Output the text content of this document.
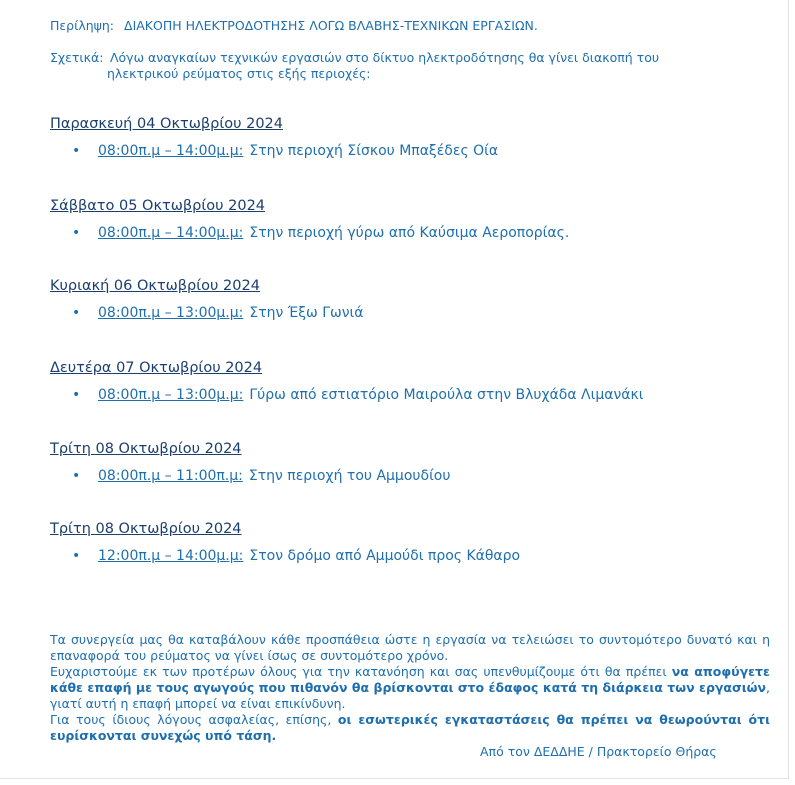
Περίληψη: ΔΙΑΚΟΠΗ ΗΛΕΚΤΡΟΔΟΤΗΣΗΣ ΛΟΓΩ ΒΛΑΒΗΣ-ΤΕΧΝΙΚΩΝ ΕΡΓΑΣΙΩΝ.
Σχετικά: Λόγω αναγκαίων τεχνικών εργασιών στο δίκτυο ηλεκτροδότησης θα γίνει διακοπή του
ηλεκτρικού ρεύματος στις εξής περιοχές:
Παρασκευή 04 Οκτωβρίου 2024
• 08:00π.μ – 14:00μ.μ: Στην περιοχή Σίσκου Μπαξέδες Οία
Σάββατο 05 Οκτωβρίου 2024
• 08:00π.μ – 14:00μ.μ: Στην περιοχή γύρω από Καύσιμα Αεροπορίας.
Κυριακή 06 Οκτωβρίου 2024
• 08:00π.μ – 13:00μ.μ: Στην Έξω Γωνιά
Δευτέρα 07 Οκτωβρίου 2024
• 08:00π.μ – 13:00μ.μ: Γύρω από εστιατόριο Μαιρούλα στην Βλυχάδα Λιμανάκι
Τρίτη 08 Οκτωβρίου 2024
• 08:00π.μ – 11:00π.μ: Στην περιοχή του Αμμουδίου
Τρίτη 08 Οκτωβρίου 2024
• 12:00π.μ – 14:00μ.μ: Στον δρόμο από Αμμούδι προς Κάθαρο

Τα συνεργεία μας θα καταβάλουν κάθε προσπάθεια ώστε η εργασία να τελειώσει το συντομότερο δυνατό και η επαναφορά του ρεύματος να γίνει ίσως σε συντομότερο χρόνο.

Ευχαριστούμε εκ των προτέρων όλους για την κατανόηση και σας υπενθυμίζουμε ότι θα πρέπει να αποφύγετε κάθε επαφή με τους αγωγούς που πιθανόν θα βρίσκονται στο έδαφος κατά τη διάρκεια των εργασιών, γιατί αυτή η επαφή μπορεί να είναι επικίνδυνη.

Για τους ίδιους λόγους ασφαλείας, επίσης, οι εσωτερικές εγκαταστάσεις θα πρέπει να θεωρούνται ότι ευρίσκονται συνεχώς υπό τάση.

Από τον ΔΕΔΔΗΕ / Πρακτορείο Θήρας
